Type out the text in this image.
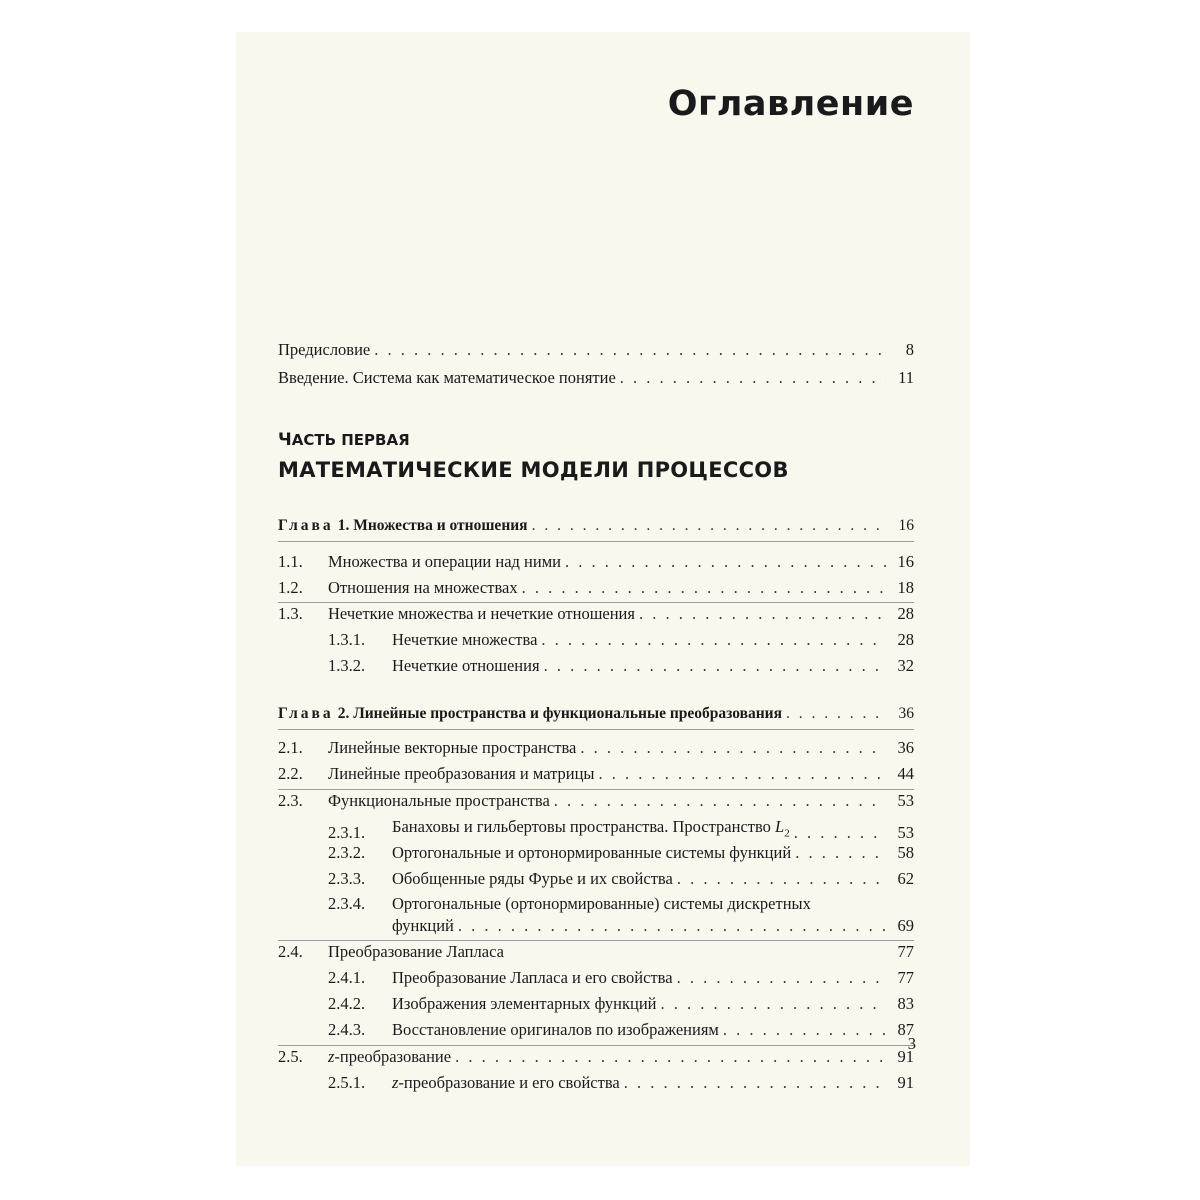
Оглавление
Предисловие . . .	8
Введение. Система как математическое понятие . . .	11
Глава 1. Множества и отношения . . .	16
1.1.	Множества и операции над ними . . .	16
1.2.	Отношения на множествах . . .	18
1.3.	Нечеткие множества и нечеткие отношения . . .	28
1.3.1.	Нечеткие множества . . .	28
1.3.2.	Нечеткие отношения . . .	32
Глава 2. Линейные пространства и функциональные преобразования . . .	36
2.1.	Линейные векторные пространства . . .	36
2.2.	Линейные преобразования и матрицы . . .	44
2.3.	Функциональные пространства . . .	53
2.3.1.	Банаховы и гильбертовы пространства. Пространство $L_2$ . . .	53
2.3.2.	Ортогональные и ортонормированные системы функций . . .	58
2.3.3.	Обобщенные ряды Фурье и их свойства . . .	62
2.3.4. Ортогональные (ортонормированные) системы дискретных
функций . . .	69
2.4.	Преобразование Лапласа	77
2.4.1.	Преобразование Лапласа и его свойства . . .	77
2.4.2.	Изображения элементарных функций . . .	83
2.4.3.	Восстановление оригиналов по изображениям . . .	87
2.5.	z-преобразование . . .	91
2.5.1.	z-преобразование и его свойства . . .	91
ЧАСТЬ ПЕРВАЯ
МАТЕМАТИЧЕСКИЕ МОДЕЛИ ПРОЦЕССОВ
3
